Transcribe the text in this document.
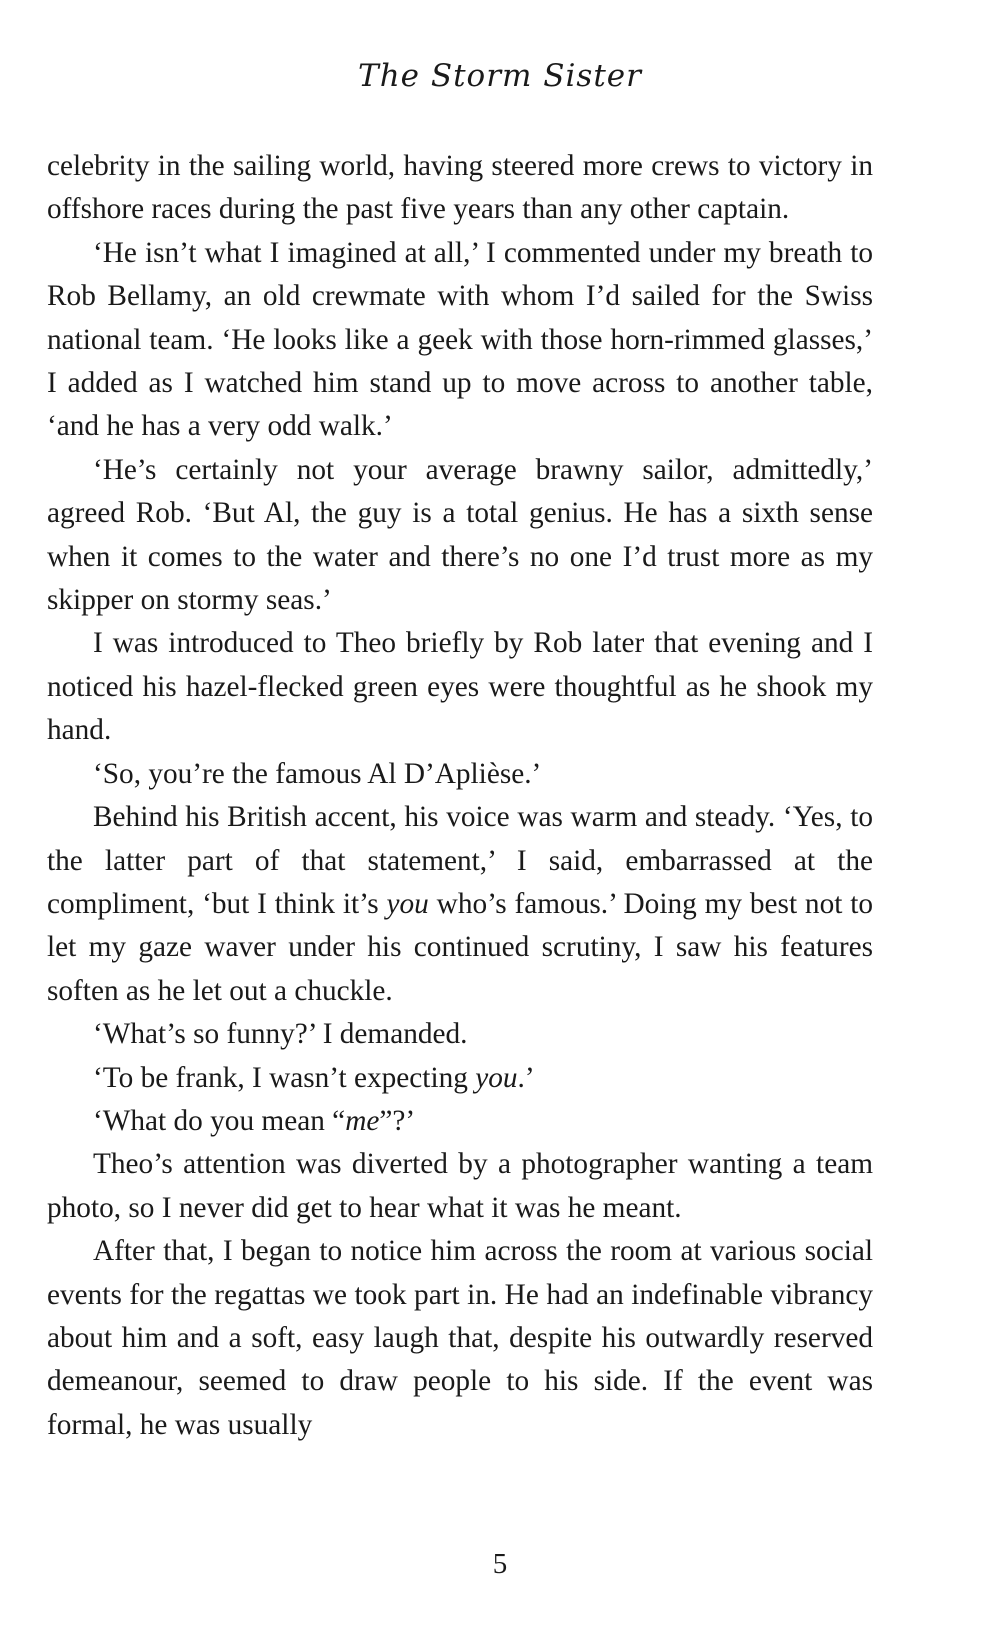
The Storm Sister

celebrity in the sailing world, having steered more crews to victory in offshore races during the past five years than any other captain.

‘He isn’t what I imagined at all,’ I commented under my breath to Rob Bellamy, an old crewmate with whom I’d sailed for the Swiss national team. ‘He looks like a geek with those horn-rimmed glasses,’ I added as I watched him stand up to move across to another table, ‘and he has a very odd walk.’

‘He’s certainly not your average brawny sailor, admittedly,’ agreed Rob. ‘But Al, the guy is a total genius. He has a sixth sense when it comes to the water and there’s no one I’d trust more as my skipper on stormy seas.’

I was introduced to Theo briefly by Rob later that evening and I noticed his hazel-flecked green eyes were thoughtful as he shook my hand.

‘So, you’re the famous Al D’Aplièse.’

Behind his British accent, his voice was warm and steady. ‘Yes, to the latter part of that statement,’ I said, embarrassed at the compliment, ‘but I think it’s you who’s famous.’ Doing my best not to let my gaze waver under his continued scrutiny, I saw his features soften as he let out a chuckle.

‘What’s so funny?’ I demanded.

‘To be frank, I wasn’t expecting you.’

‘What do you mean “me”?’

Theo’s attention was diverted by a photographer wanting a team photo, so I never did get to hear what it was he meant.

After that, I began to notice him across the room at various social events for the regattas we took part in. He had an indefinable vibrancy about him and a soft, easy laugh that, despite his outwardly reserved demeanour, seemed to draw people to his side. If the event was formal, he was usually

5
